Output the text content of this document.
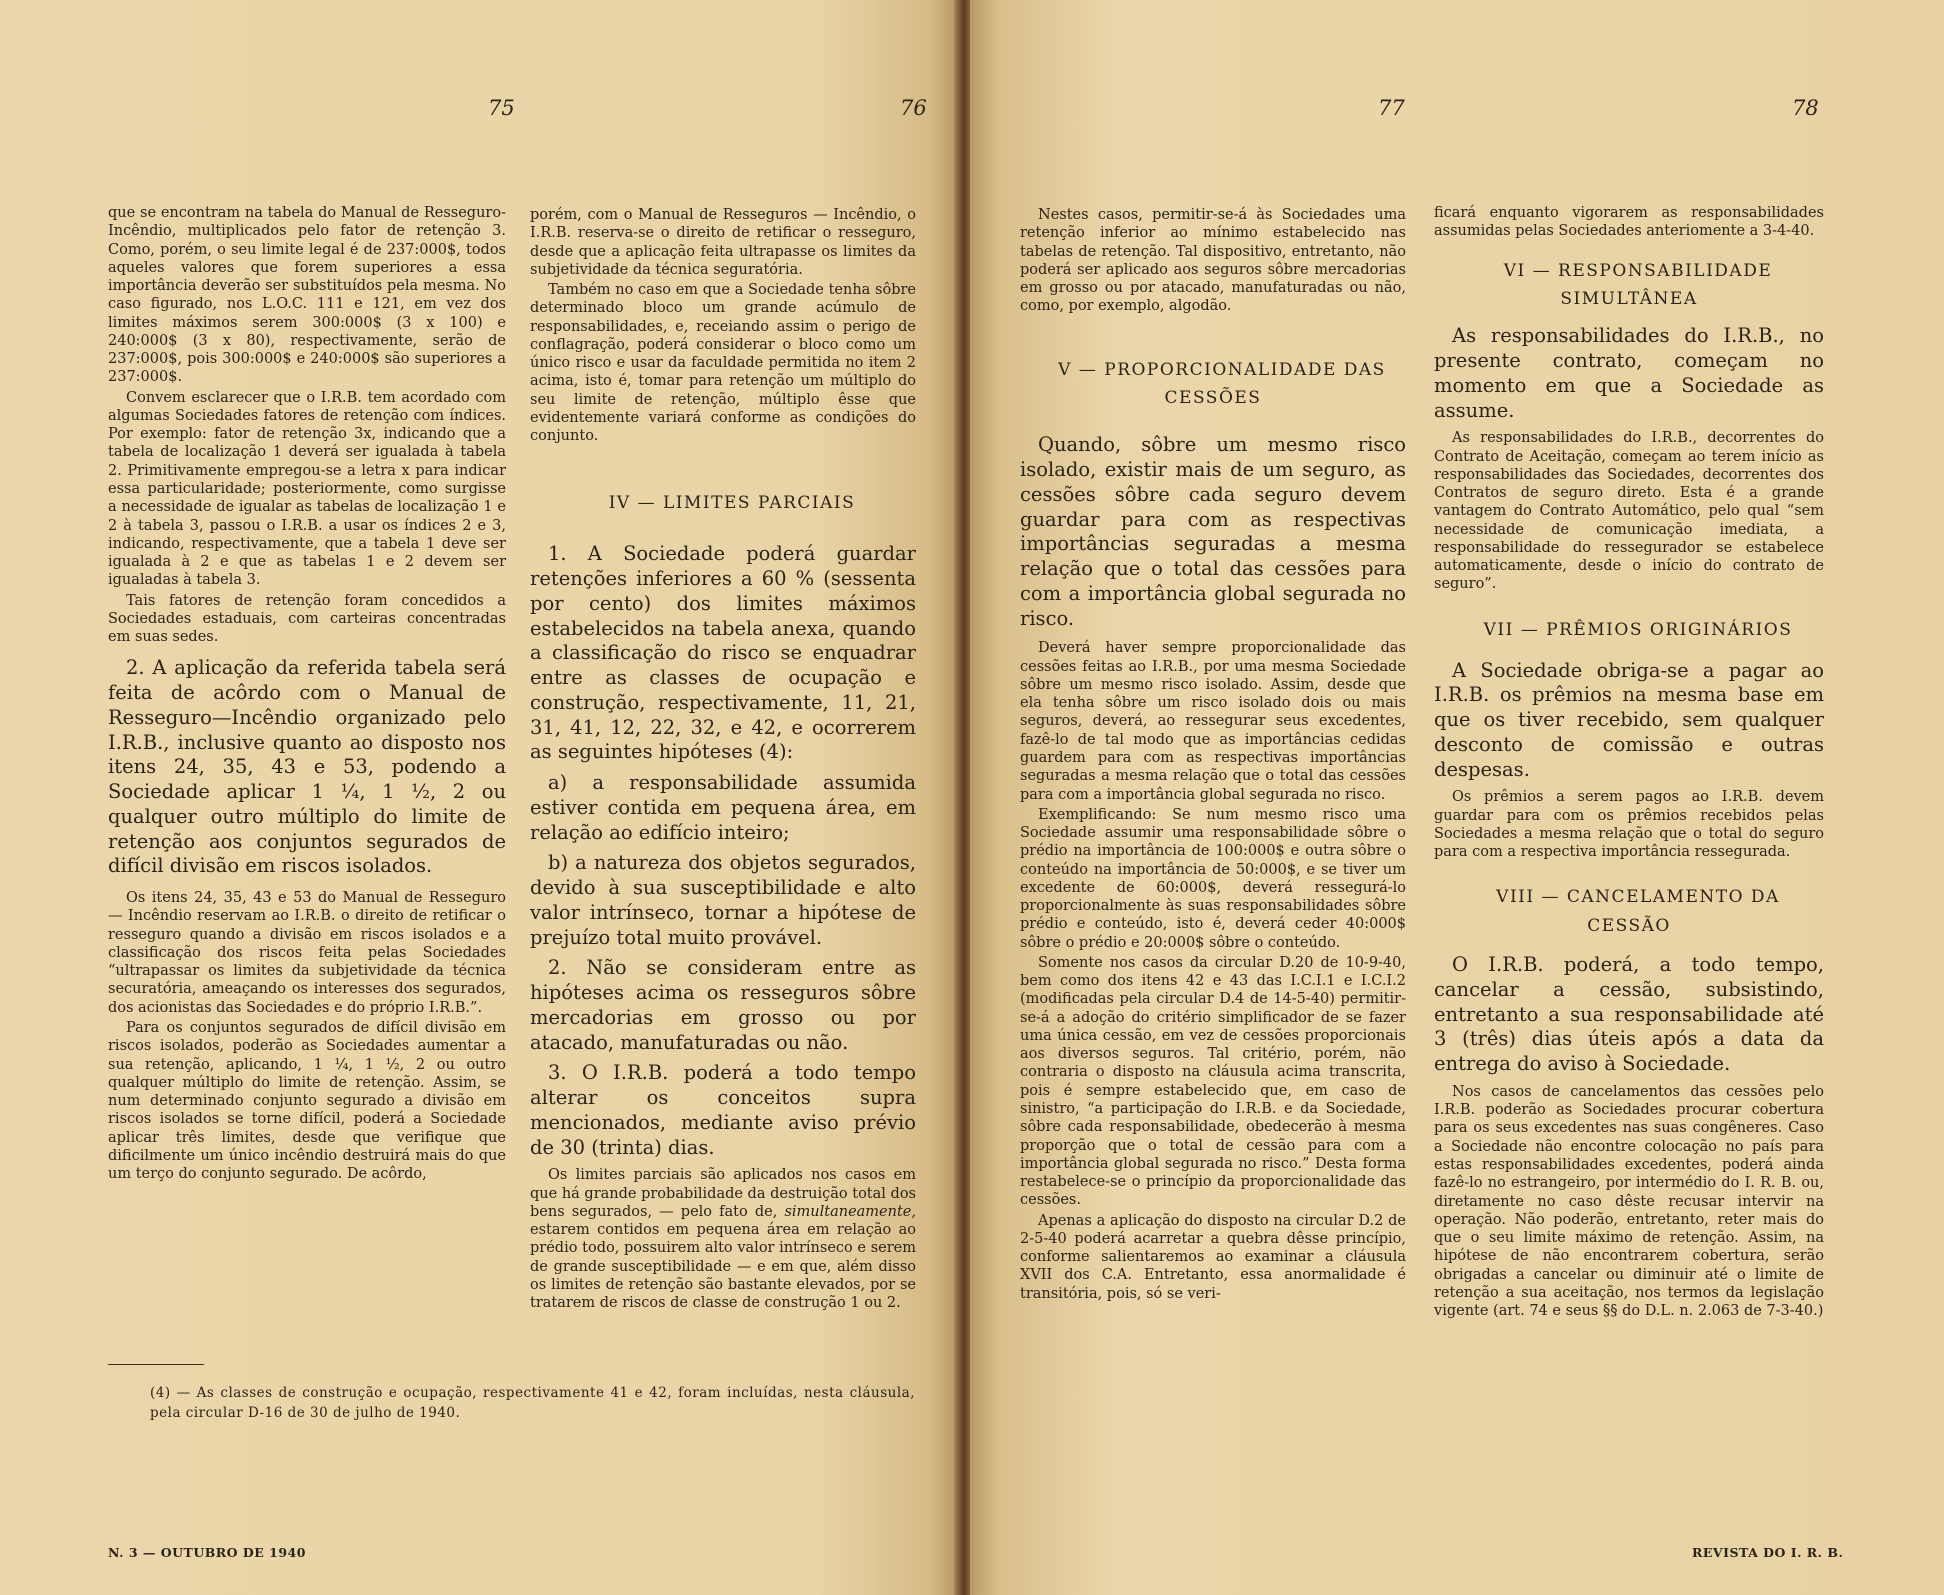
75	76

que se encontram na tabela do Manual de Resseguro-Incêndio, multiplicados pelo fator de retenção 3. Como, porém, o seu limite legal é de 237:000$, todos aqueles valores que forem superiores a essa importância deverão ser substituídos pela mesma. No caso figurado, nos L.O.C. 111 e 121, em vez dos limites máximos serem 300:000$ (3 x 100) e 240:000$ (3 x 80), respectivamente, serão de 237:000$, pois 300:000$ e 240:000$ são superiores a 237:000$.

Convem esclarecer que o I.R.B. tem acordado com algumas Sociedades fatores de retenção com índices. Por exemplo: fator de retenção 3x, indicando que a tabela de localização 1 deverá ser igualada à tabela 2. Primitivamente empregou-se a letra x para indicar essa particularidade; posteriormente, como surgisse a necessidade de igualar as tabelas de localização 1 e 2 à tabela 3, passou o I.R.B. a usar os índices 2 e 3, indicando, respectivamente, que a tabela 1 deve ser igualada à 2 e que as tabelas 1 e 2 devem ser igualadas à tabela 3.

Tais fatores de retenção foram concedidos a Sociedades estaduais, com carteiras concentradas em suas sedes.

2. A aplicação da referida tabela será feita de acôrdo com o Manual de Resseguro—Incêndio organizado pelo I.R.B., inclusive quanto ao disposto nos itens 24, 35, 43 e 53, podendo a Sociedade aplicar 1 ¼, 1 ½, 2 ou qualquer outro múltiplo do limite de retenção aos conjuntos segurados de difícil divisão em riscos isolados.

Os itens 24, 35, 43 e 53 do Manual de Resseguro — Incêndio reservam ao I.R.B. o direito de retificar o resseguro quando a divisão em riscos isolados e a classificação dos riscos feita pelas Sociedades “ultrapassar os limites da subjetividade da técnica securatória, ameaçando os interesses dos segurados, dos acionistas das Sociedades e do próprio I.R.B.”.

Para os conjuntos segurados de difícil divisão em riscos isolados, poderão as Sociedades aumentar a sua retenção, aplicando, 1 ¼, 1 ½, 2 ou outro qualquer múltiplo do limite de retenção. Assim, se num determinado conjunto segurado a divisão em riscos isolados se torne difícil, poderá a Sociedade aplicar três limites, desde que verifique que dificilmente um único incêndio destruirá mais do que um terço do conjunto segurado. De acôrdo,

porém, com o Manual de Resseguros — Incêndio, o I.R.B. reserva-se o direito de retificar o resseguro, desde que a aplicação feita ultrapasse os limites da subjetividade da técnica seguratória.

Também no caso em que a Sociedade tenha sôbre determinado bloco um grande acúmulo de responsabilidades, e, receiando assim o perigo de conflagração, poderá considerar o bloco como um único risco e usar da faculdade permitida no item 2 acima, isto é, tomar para retenção um múltiplo do seu limite de retenção, múltiplo êsse que evidentemente variará conforme as condições do conjunto.

IV — LIMITES PARCIAIS

1. A Sociedade poderá guardar retenções inferiores a 60 % (sessenta por cento) dos limites máximos estabelecidos na tabela anexa, quando a classificação do risco se enquadrar entre as classes de ocupação e construção, respectivamente, 11, 21, 31, 41, 12, 22, 32, e 42, e ocorrerem as seguintes hipóteses (4):

a) a responsabilidade assumida estiver contida em pequena área, em relação ao edifício inteiro;

b) a natureza dos objetos segurados, devido à sua susceptibilidade e alto valor intrínseco, tornar a hipótese de prejuízo total muito provável.

2. Não se consideram entre as hipóteses acima os resseguros sôbre mercadorias em grosso ou por atacado, manufaturadas ou não.

3. O I.R.B. poderá a todo tempo alterar os conceitos supra mencionados, mediante aviso prévio de 30 (trinta) dias.

Os limites parciais são aplicados nos casos em que há grande probabilidade da destruição total dos bens segurados, — pelo fato de, simultaneamente, estarem contidos em pequena área em relação ao prédio todo, possuirem alto valor intrínseco e serem de grande susceptibilidade — e em que, além disso os limites de retenção são bastante elevados, por se tratarem de riscos de classe de construção 1 ou 2.

(4) — As classes de construção e ocupação, respectivamente 41 e 42, foram incluídas, nesta cláusula, pela circular D-16 de 30 de julho de 1940.
N. 3 — OUTUBRO DE 1940
77	78

Nestes casos, permitir-se-á às Sociedades uma retenção inferior ao mínimo estabelecido nas tabelas de retenção. Tal dispositivo, entretanto, não poderá ser aplicado aos seguros sôbre mercadorias em grosso ou por atacado, manufaturadas ou não, como, por exemplo, algodão.

V — PROPORCIONALIDADE DAS CESSÕES

Quando, sôbre um mesmo risco isolado, existir mais de um seguro, as cessões sôbre cada seguro devem guardar para com as respectivas importâncias seguradas a mesma relação que o total das cessões para com a importância global segurada no risco.

Deverá haver sempre proporcionalidade das cessões feitas ao I.R.B., por uma mesma Sociedade sôbre um mesmo risco isolado. Assim, desde que ela tenha sôbre um risco isolado dois ou mais seguros, deverá, ao ressegurar seus excedentes, fazê-lo de tal modo que as importâncias cedidas guardem para com as respectivas importâncias seguradas a mesma relação que o total das cessões para com a importância global segurada no risco.

Exemplificando: Se num mesmo risco uma Sociedade assumir uma responsabilidade sôbre o prédio na importância de 100:000$ e outra sôbre o conteúdo na importância de 50:000$, e se tiver um excedente de 60:000$, deverá ressegurá-lo proporcionalmente às suas responsabilidades sôbre prédio e conteúdo, isto é, deverá ceder 40:000$ sôbre o prédio e 20:000$ sôbre o conteúdo.

Somente nos casos da circular D.20 de 10-9-40, bem como dos itens 42 e 43 das I.C.I.1 e I.C.I.2 (modificadas pela circular D.4 de 14-5-40) permitir-se-á a adoção do critério simplificador de se fazer uma única cessão, em vez de cessões proporcionais aos diversos seguros. Tal critério, porém, não contraria o disposto na cláusula acima transcrita, pois é sempre estabelecido que, em caso de sinistro, “a participação do I.R.B. e da Sociedade, sôbre cada responsabilidade, obedecerão à mesma proporção que o total de cessão para com a importância global segurada no risco.” Desta forma restabelece-se o princípio da proporcionalidade das cessões.

Apenas a aplicação do disposto na circular D.2 de 2-5-40 poderá acarretar a quebra dêsse princípio, conforme salientaremos ao examinar a cláusula XVII dos C.A. Entretanto, essa anormalidade é transitória, pois, só se veri-

ficará enquanto vigorarem as responsabilidades assumidas pelas Sociedades anteriomente a 3-4-40.

VI — RESPONSABILIDADE SIMULTÂNEA

As responsabilidades do I.R.B., no presente contrato, começam no momento em que a Sociedade as assume.

As responsabilidades do I.R.B., decorrentes do Contrato de Aceitação, começam ao terem início as responsabilidades das Sociedades, decorrentes dos Contratos de seguro direto. Esta é a grande vantagem do Contrato Automático, pelo qual “sem necessidade de comunicação imediata, a responsabilidade do ressegurador se estabelece automaticamente, desde o início do contrato de seguro”.

VII — PRÊMIOS ORIGINÁRIOS

A Sociedade obriga-se a pagar ao I.R.B. os prêmios na mesma base em que os tiver recebido, sem qualquer desconto de comissão e outras despesas.

Os prêmios a serem pagos ao I.R.B. devem guardar para com os prêmios recebidos pelas Sociedades a mesma relação que o total do seguro para com a respectiva importância ressegurada.

VIII — CANCELAMENTO DA CESSÃO

O I.R.B. poderá, a todo tempo, cancelar a cessão, subsistindo, entretanto a sua responsabilidade até 3 (três) dias úteis após a data da entrega do aviso à Sociedade.

Nos casos de cancelamentos das cessões pelo I.R.B. poderão as Sociedades procurar cobertura para os seus excedentes nas suas congêneres. Caso a Sociedade não encontre colocação no país para estas responsabilidades excedentes, poderá ainda fazê-lo no estrangeiro, por intermédio do I. R. B. ou, diretamente no caso dêste recusar intervir na operação. Não poderão, entretanto, reter mais do que o seu limite máximo de retenção. Assim, na hipótese de não encontrarem cobertura, serão obrigadas a cancelar ou diminuir até o limite de retenção a sua aceitação, nos termos da legislação vigente (art. 74 e seus §§ do D.L. n. 2.063 de 7-3-40.)

REVISTA DO I. R. B.
